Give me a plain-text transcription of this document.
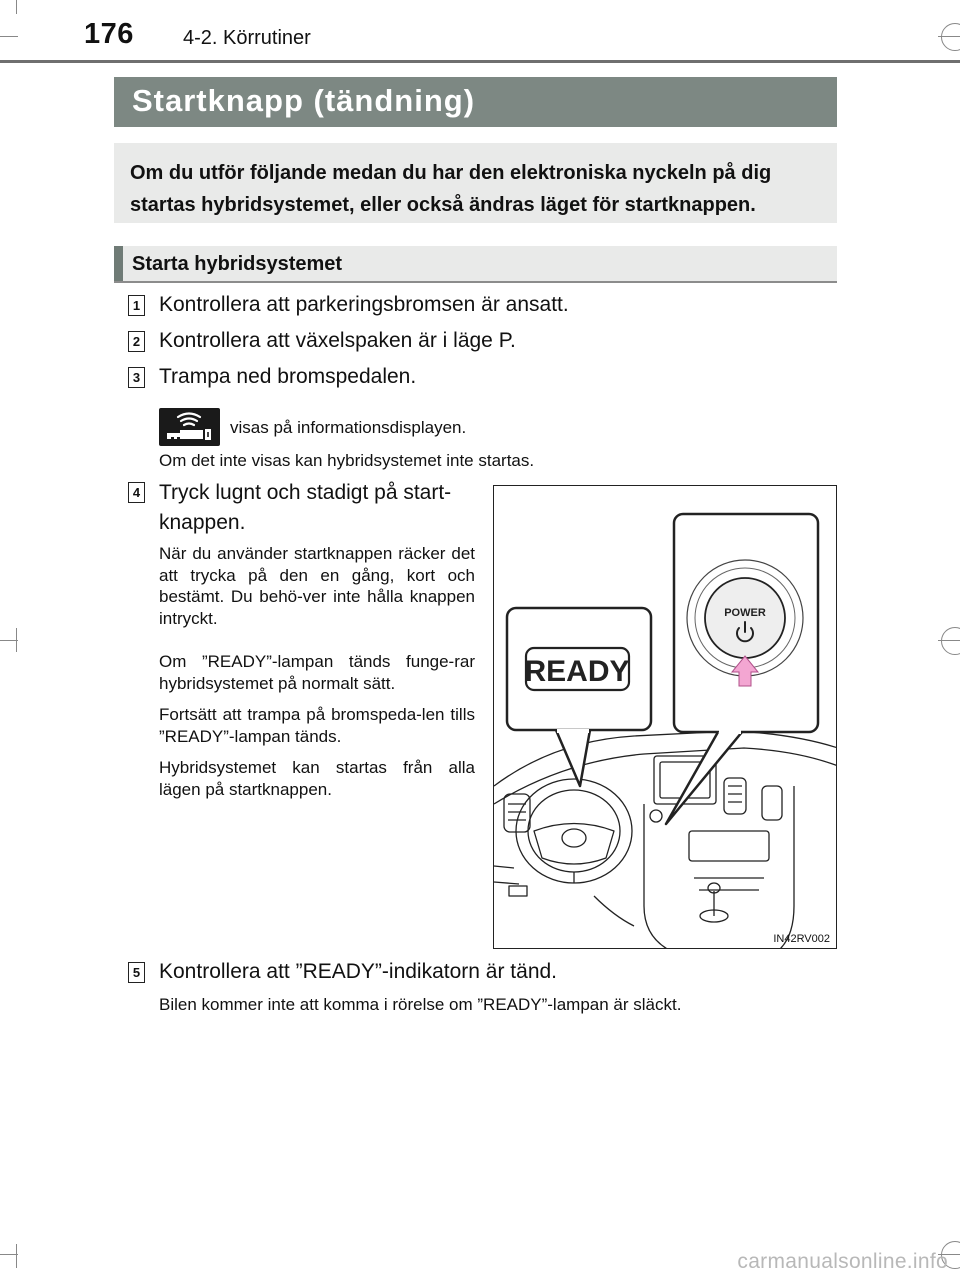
176 4-2. Körrutiner
Startknapp (tändning)
Om du utför följande medan du har den elektroniska nyckeln på dig startas hybridsystemet, eller också ändras läget för startknappen.
Starta hybridsystemet
1 Kontrollera att parkeringsbromsen är ansatt.
2 Kontrollera att växelspaken är i läge P.
3 Trampa ned bromspedalen.
visas på informationsdisplayen.
Om det inte visas kan hybridsystemet inte startas.
4 Tryck lugnt och stadigt på start-
knappen.
När du använder startknappen räcker det att trycka på den en gång, kort och bestämt. Du behö-ver inte hålla knappen intryckt.
Om ”READY”-lampan tänds funge-rar hybridsystemet på normalt sätt.
Fortsätt att trampa på bromspeda-len tills ”READY”-lampan tänds.
Hybridsystemet kan startas från alla lägen på startknappen.
READY
POWER
IN42RV002
5 Kontrollera att ”READY”-indikatorn är tänd.
Bilen kommer inte att komma i rörelse om ”READY”-lampan är släckt.
carmanualsonline.info
